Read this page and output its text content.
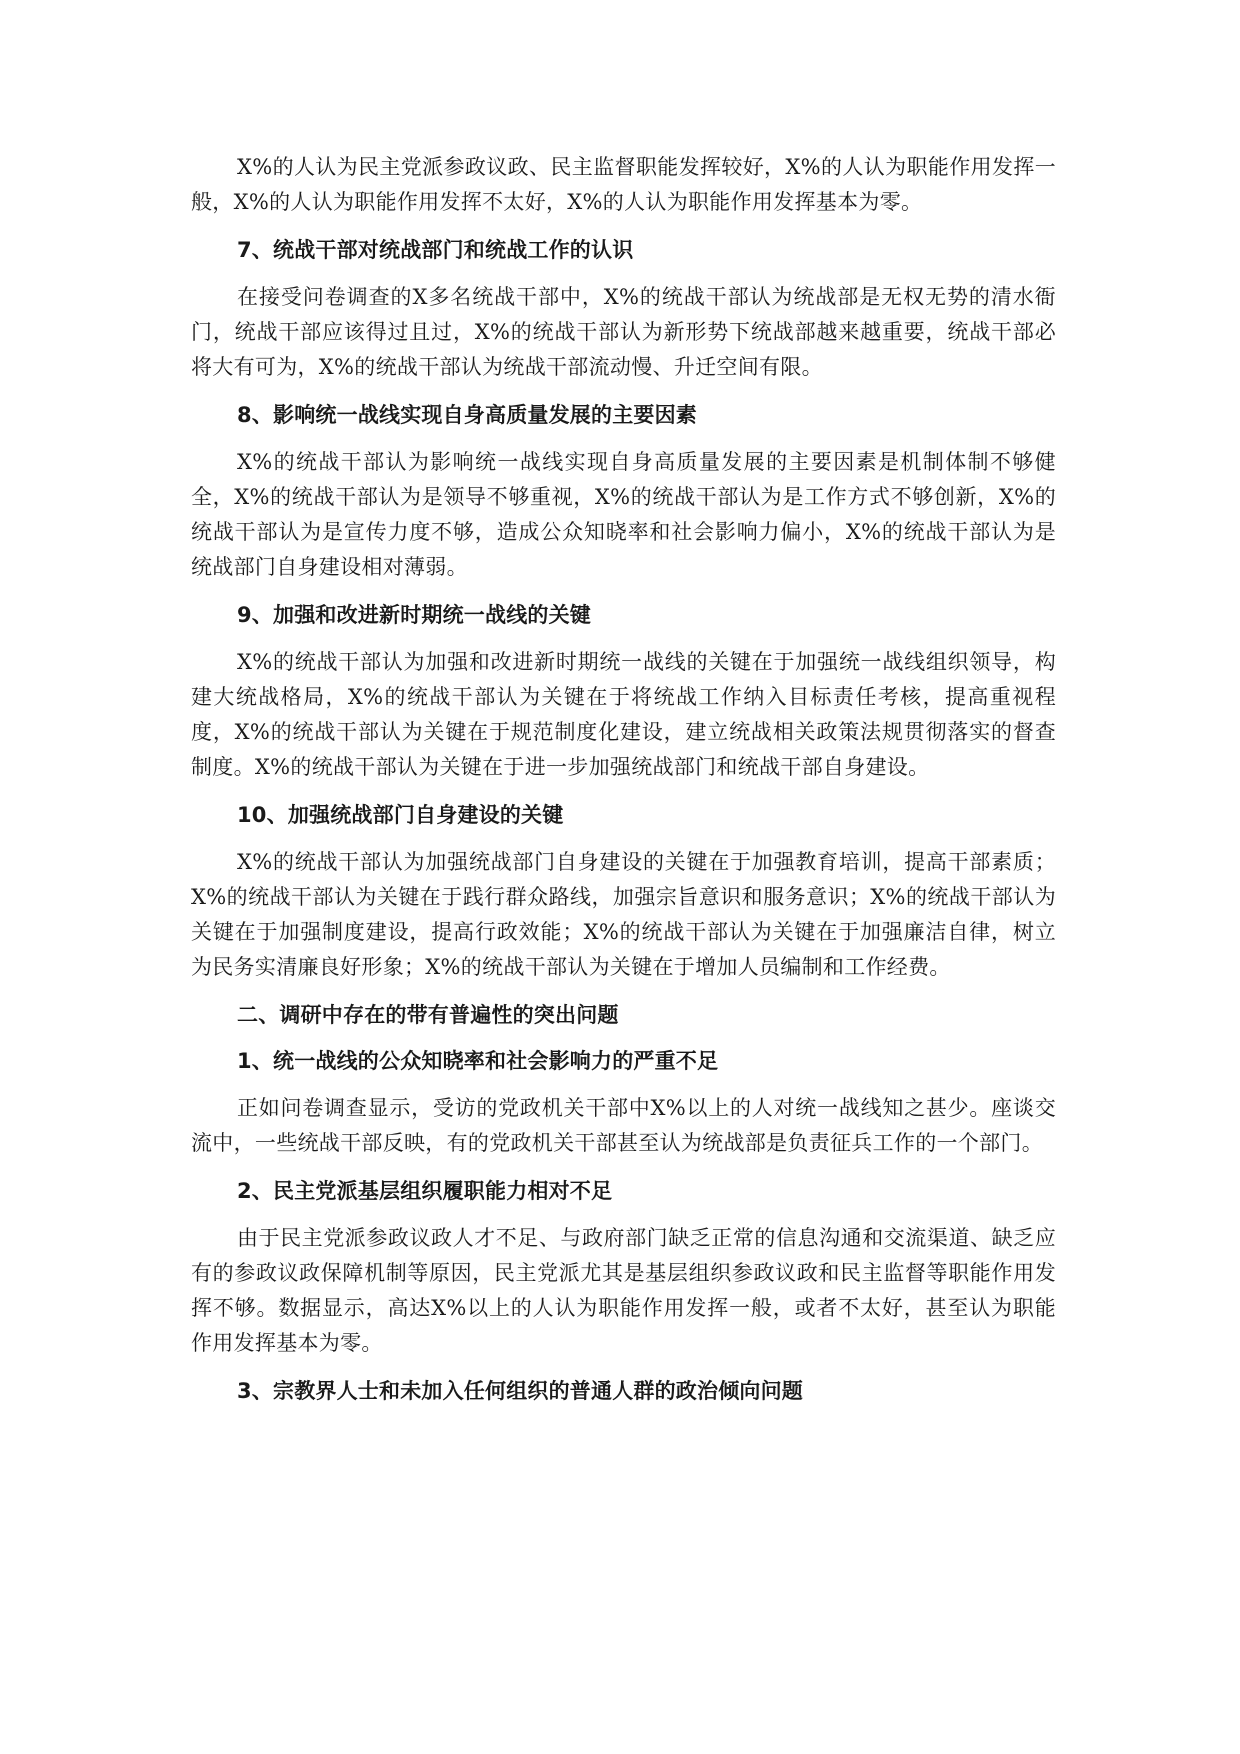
X%的人认为民主党派参政议政、民主监督职能发挥较好，X%的人认为职能作用发挥一般，X%的人认为职能作用发挥不太好，X%的人认为职能作用发挥基本为零。

7、统战干部对统战部门和统战工作的认识

在接受问卷调查的X多名统战干部中，X%的统战干部认为统战部是无权无势的清水衙门，统战干部应该得过且过，X%的统战干部认为新形势下统战部越来越重要，统战干部必将大有可为，X%的统战干部认为统战干部流动慢、升迁空间有限。

8、影响统一战线实现自身高质量发展的主要因素

X%的统战干部认为影响统一战线实现自身高质量发展的主要因素是机制体制不够健全，X%的统战干部认为是领导不够重视，X%的统战干部认为是工作方式不够创新，X%的统战干部认为是宣传力度不够，造成公众知晓率和社会影响力偏小，X%的统战干部认为是统战部门自身建设相对薄弱。

9、加强和改进新时期统一战线的关键

X%的统战干部认为加强和改进新时期统一战线的关键在于加强统一战线组织领导，构建大统战格局，X%的统战干部认为关键在于将统战工作纳入目标责任考核，提高重视程度，X%的统战干部认为关键在于规范制度化建设，建立统战相关政策法规贯彻落实的督查制度。X%的统战干部认为关键在于进一步加强统战部门和统战干部自身建设。

10、加强统战部门自身建设的关键

X%的统战干部认为加强统战部门自身建设的关键在于加强教育培训，提高干部素质；X%的统战干部认为关键在于践行群众路线，加强宗旨意识和服务意识；X%的统战干部认为关键在于加强制度建设，提高行政效能；X%的统战干部认为关键在于加强廉洁自律，树立为民务实清廉良好形象；X%的统战干部认为关键在于增加人员编制和工作经费。

二、调研中存在的带有普遍性的突出问题
1、统一战线的公众知晓率和社会影响力的严重不足

正如问卷调查显示，受访的党政机关干部中X%以上的人对统一战线知之甚少。座谈交流中，一些统战干部反映，有的党政机关干部甚至认为统战部是负责征兵工作的一个部门。

2、民主党派基层组织履职能力相对不足

由于民主党派参政议政人才不足、与政府部门缺乏正常的信息沟通和交流渠道、缺乏应有的参政议政保障机制等原因，民主党派尤其是基层组织参政议政和民主监督等职能作用发挥不够。数据显示，高达X%以上的人认为职能作用发挥一般，或者不太好，甚至认为职能作用发挥基本为零。

3、宗教界人士和未加入任何组织的普通人群的政治倾向问题
